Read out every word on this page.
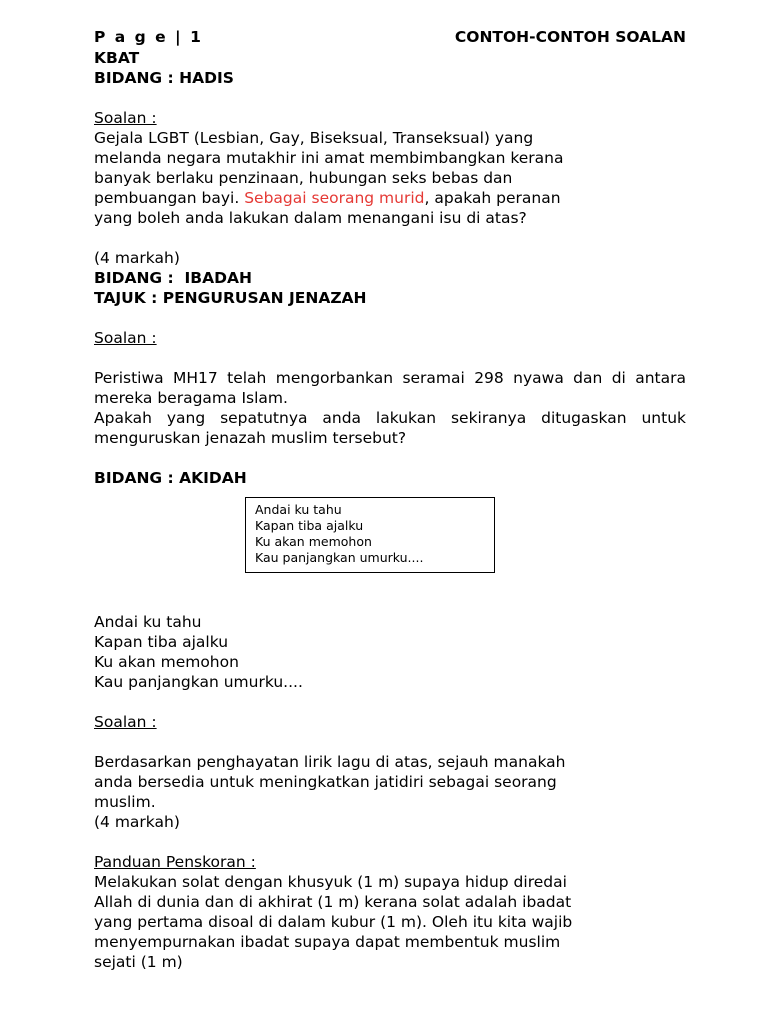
P a g e | 1	CONTOH-CONTOH SOALAN
KBAT
BIDANG : HADIS
Soalan :
Gejala LGBT (Lesbian, Gay, Biseksual, Transeksual) yang
melanda negara mutakhir ini amat membimbangkan kerana
banyak berlaku penzinaan, hubungan seks bebas dan
pembuangan bayi. Sebagai seorang murid, apakah peranan
yang boleh anda lakukan dalam menangani isu di atas?
(4 markah)
BIDANG :  IBADAH
TAJUK : PENGURUSAN JENAZAH
Soalan :
Peristiwa MH17 telah mengorbankan seramai 298 nyawa dan di antara mereka beragama Islam.
Apakah yang sepatutnya anda lakukan sekiranya ditugaskan untuk menguruskan jenazah muslim tersebut?
BIDANG : AKIDAH
Andai ku tahu
Kapan tiba ajalku
Ku akan memohon
Kau panjangkan umurku....
Andai ku tahu
Kapan tiba ajalku
Ku akan memohon
Kau panjangkan umurku....
Soalan :
Berdasarkan penghayatan lirik lagu di atas, sejauh manakah
anda bersedia untuk meningkatkan jatidiri sebagai seorang
muslim.
(4 markah)
Panduan Penskoran :
Melakukan solat dengan khusyuk (1 m) supaya hidup diredai
Allah di dunia dan di akhirat (1 m) kerana solat adalah ibadat
yang pertama disoal di dalam kubur (1 m). Oleh itu kita wajib
menyempurnakan ibadat supaya dapat membentuk muslim
sejati (1 m)
